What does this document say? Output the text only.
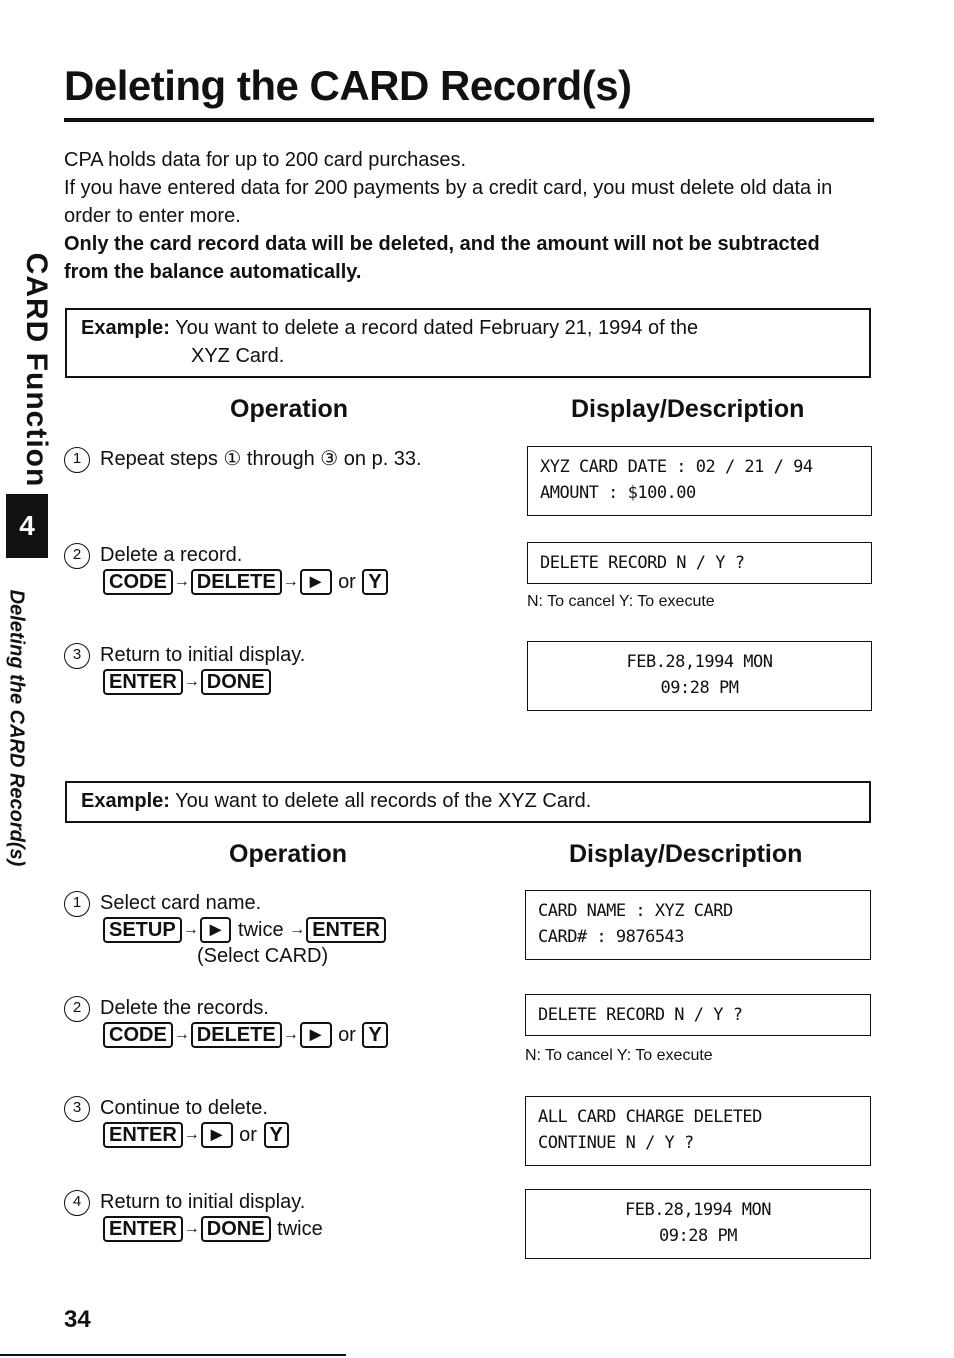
Deleting the CARD Record(s)

CPA holds data for up to 200 card purchases.

If you have entered data for 200 payments by a credit card, you must delete old data in order to enter more.

Only the card record data will be deleted, and the amount will not be subtracted from the balance automatically.

CARD Function
4
Deleting the CARD Record(s)
Example: You want to delete a record dated February 21, 1994 of the
XYZ Card.
Operation	Display/Description
1 Repeat steps ① through ③ on p. 33.
2 Delete a record.
CODE → DELETE → ► or Y
3 Return to initial display.
ENTER → DONE
XYZ CARD DATE : 02 / 21 / 94
AMOUNT : $100.00
DELETE RECORD N / Y ?
N: To cancel Y: To execute
FEB.28,1994 MON
09:28 PM
Example: You want to delete all records of the XYZ Card.
Operation	Display/Description
1 Select card name.
SETUP → ► twice → ENTER
(Select CARD)
2 Delete the records.
CODE → DELETE → ► or Y
3 Continue to delete.
ENTER → ► or Y
4 Return to initial display.
ENTER → DONE twice
CARD NAME : XYZ CARD
CARD# : 9876543
DELETE RECORD N / Y ?
N: To cancel Y: To execute
ALL CARD CHARGE DELETED
CONTINUE N / Y ?
FEB.28,1994 MON
09:28 PM
34
